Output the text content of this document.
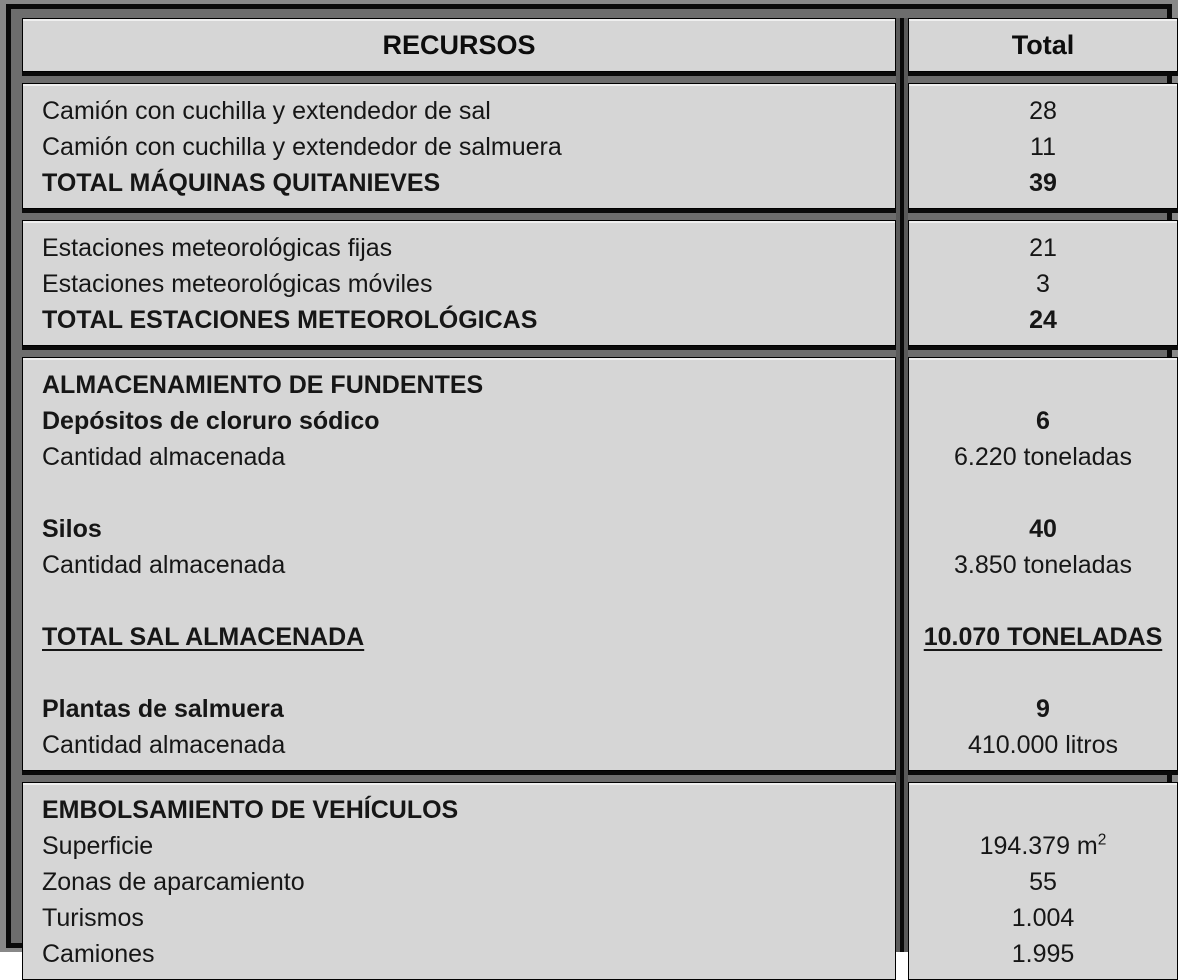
RECURSOS	Total
Camión con cuchilla y extendedor de sal
Camión con cuchilla y extendedor de salmuera
TOTAL MÁQUINAS QUITANIEVES
28
11
39
Estaciones meteorológicas fijas
Estaciones meteorológicas móviles
TOTAL ESTACIONES METEOROLÓGICAS
21
3
24
ALMACENAMIENTO DE FUNDENTES
Depósitos de cloruro sódico
Cantidad almacenada

Silos
Cantidad almacenada

TOTAL SAL ALMACENADA

Plantas de salmuera
Cantidad almacenada

6
6.220 toneladas

40
3.850 toneladas

10.070 TONELADAS

9
410.000 litros
EMBOLSAMIENTO DE VEHÍCULOS
Superficie
Zonas de aparcamiento
Turismos
Camiones

194.379 $m^2$
55
1.004
1.995
